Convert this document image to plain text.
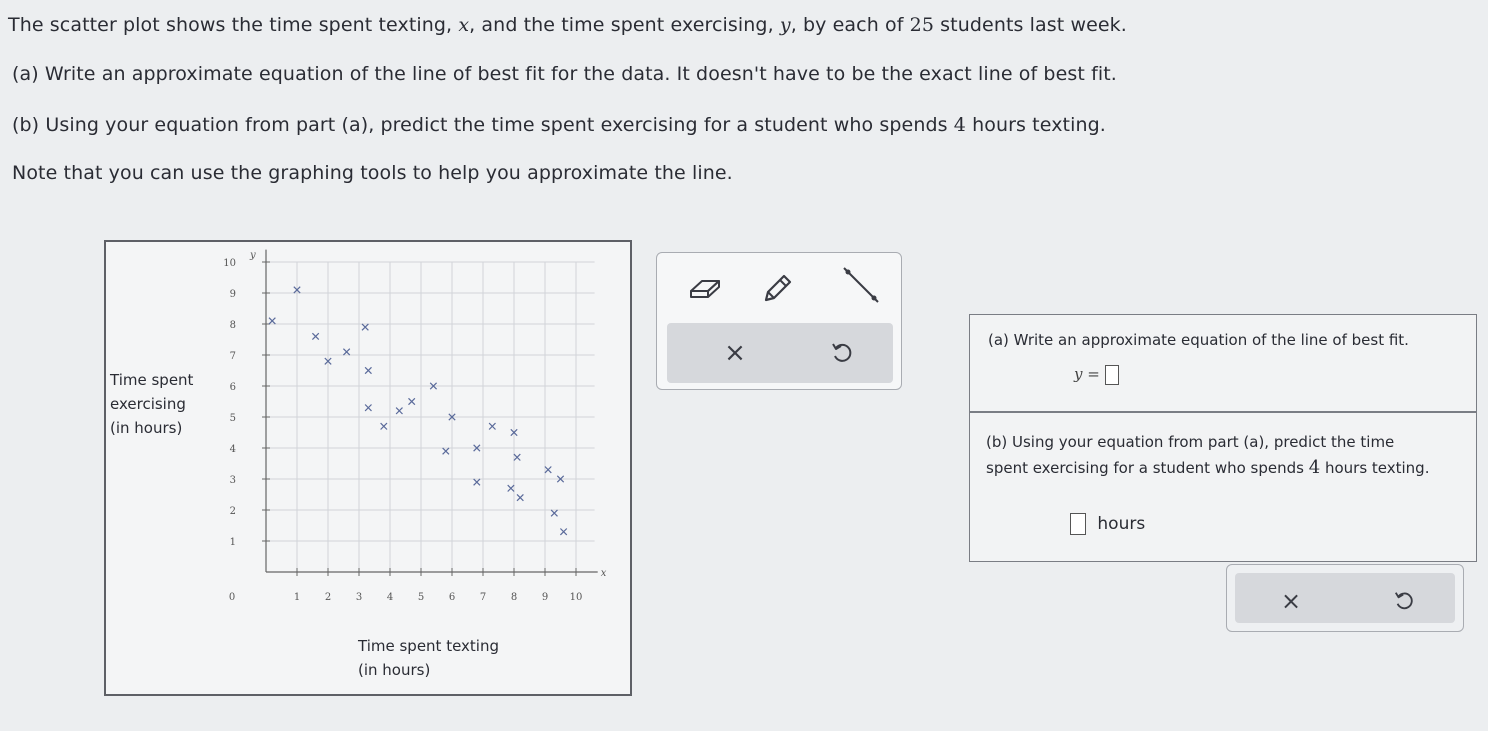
The scatter plot shows the time spent texting, x, and the time spent exercising, y, by each of 25 students last week.
(a) Write an approximate equation of the line of best fit for the data. It doesn't have to be the exact line of best fit.
(b) Using your equation from part (a), predict the time spent exercising for a student who spends 4 hours texting.
Note that you can use the graphing tools to help you approximate the line.
Time spent
exercising
(in hours)
0	1 2 3 4 5 6 7 8 9 10
1
2
3
4
5
6
7
8
9
10
y
x
Time spent texting
(in hours)
×	(a) Write an approximate equation of the line of best fit.
y =
(b) Using your equation from part (a), predict the time
spent exercising for a student who spends 4 hours texting.
hours
×
